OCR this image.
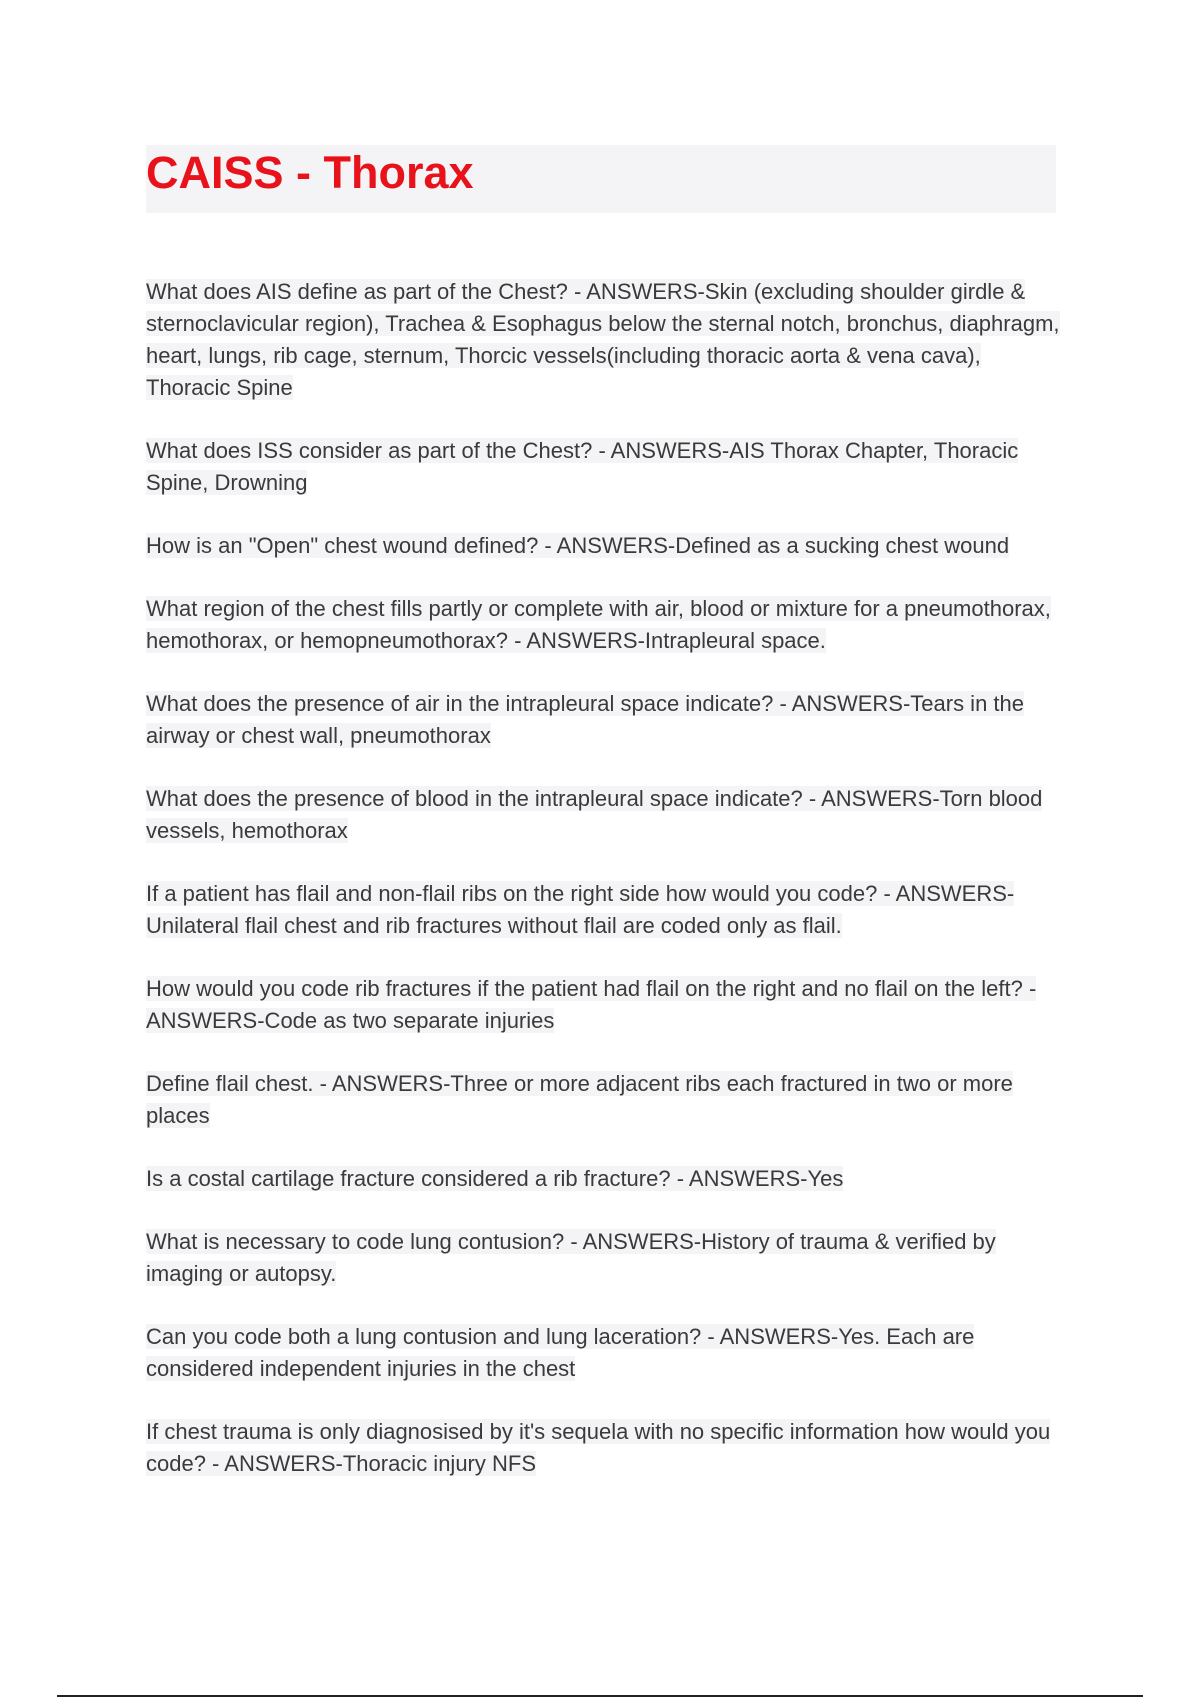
CAISS - Thorax

What does AIS define as part of the Chest? - ANSWERS-Skin (excluding shoulder girdle & sternoclavicular region), Trachea & Esophagus below the sternal notch, bronchus, diaphragm, heart, lungs, rib cage, sternum, Thorcic vessels(including thoracic aorta & vena cava), Thoracic Spine

What does ISS consider as part of the Chest? - ANSWERS-AIS Thorax Chapter, Thoracic Spine, Drowning

How is an "Open" chest wound defined? - ANSWERS-Defined as a sucking chest wound

What region of the chest fills partly or complete with air, blood or mixture for a pneumothorax, hemothorax, or hemopneumothorax? - ANSWERS-Intrapleural space.

What does the presence of air in the intrapleural space indicate? - ANSWERS-Tears in the airway or chest wall, pneumothorax

What does the presence of blood in the intrapleural space indicate? - ANSWERS-Torn blood vessels, hemothorax

If a patient has flail and non-flail ribs on the right side how would you code? - ANSWERS-Unilateral flail chest and rib fractures without flail are coded only as flail.

How would you code rib fractures if the patient had flail on the right and no flail on the left? - ANSWERS-Code as two separate injuries

Define flail chest. - ANSWERS-Three or more adjacent ribs each fractured in two or more places

Is a costal cartilage fracture considered a rib fracture? - ANSWERS-Yes

What is necessary to code lung contusion? - ANSWERS-History of trauma & verified by imaging or autopsy.

Can you code both a lung contusion and lung laceration? - ANSWERS-Yes. Each are considered independent injuries in the chest

If chest trauma is only diagnosised by it's sequela with no specific information how would you code? - ANSWERS-Thoracic injury NFS
